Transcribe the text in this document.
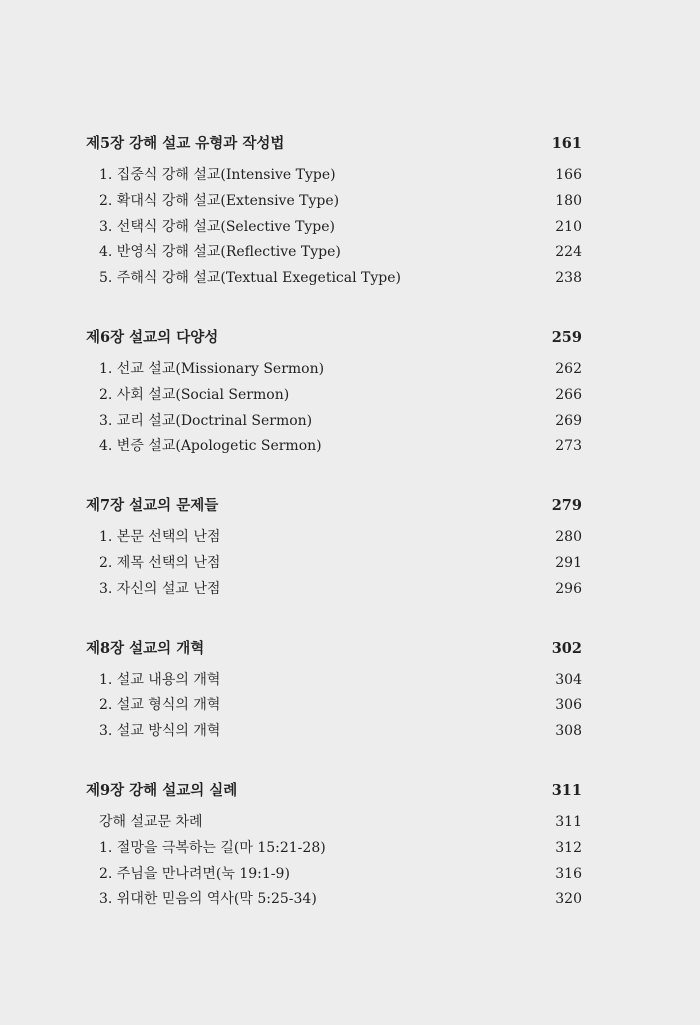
제5장 강해 설교 유형과 작성법	161
1. 집중식 강해 설교(Intensive Type)	166
2. 확대식 강해 설교(Extensive Type)	180
3. 선택식 강해 설교(Selective Type)	210
4. 반영식 강해 설교(Reflective Type)	224
5. 주해식 강해 설교(Textual Exegetical Type)	238
제6장 설교의 다양성	259
1. 선교 설교(Missionary Sermon)	262
2. 사회 설교(Social Sermon)	266
3. 교리 설교(Doctrinal Sermon)	269
4. 변증 설교(Apologetic Sermon)	273
제7장 설교의 문제들	279
1. 본문 선택의 난점	280
2. 제목 선택의 난점	291
3. 자신의 설교 난점	296
제8장 설교의 개혁	302
1. 설교 내용의 개혁	304
2. 설교 형식의 개혁	306
3. 설교 방식의 개혁	308
제9장 강해 설교의 실례	311
강해 설교문 차례	311
1. 절망을 극복하는 길(마 15:21-28)	312
2. 주님을 만나려면(눅 19:1-9)	316
3. 위대한 믿음의 역사(막 5:25-34)	320
